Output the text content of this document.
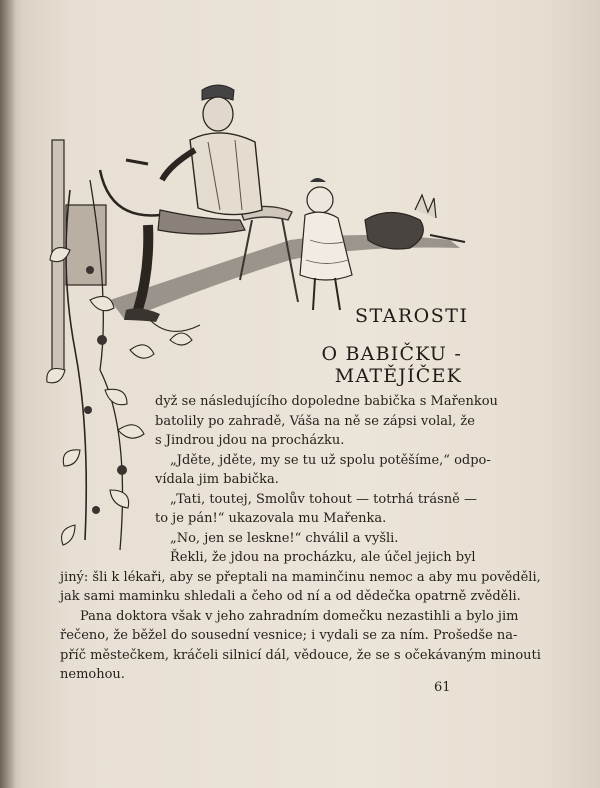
STAROSTI
O BABIČKU - MATĚJÍČEK
dyž se následujícího dopoledne babička s Mařenkou
batolily po zahradě, Váša na ně se zápsi volal, že
s Jindrou jdou na procházku.
„Jděte, jděte, my se tu už spolu potěšíme,“ odpo-
vídala jim babička.
„Tati, toutej, Smolův tohout — totrhá trásně —
to je pán!“ ukazovala mu Mařenka.
„No, jen se leskne!“ chválil a vyšli.
Řekli, že jdou na procházku, ale účel jejich byl
jiný: šli k lékaři, aby se přeptali na maminčinu nemoc a aby mu pověděli,
jak sami maminku shledali a čeho od ní a od dědečka opatrně zvěděli.
Pana doktora však v jeho zahradním domečku nezastihli a bylo jim
řečeno, že běžel do sousední vesnice; i vydali se za ním. Prošedše na-
příč městečkem, kráčeli silnicí dál, vědouce, že se s očekávaným minouti
nemohou.
61
